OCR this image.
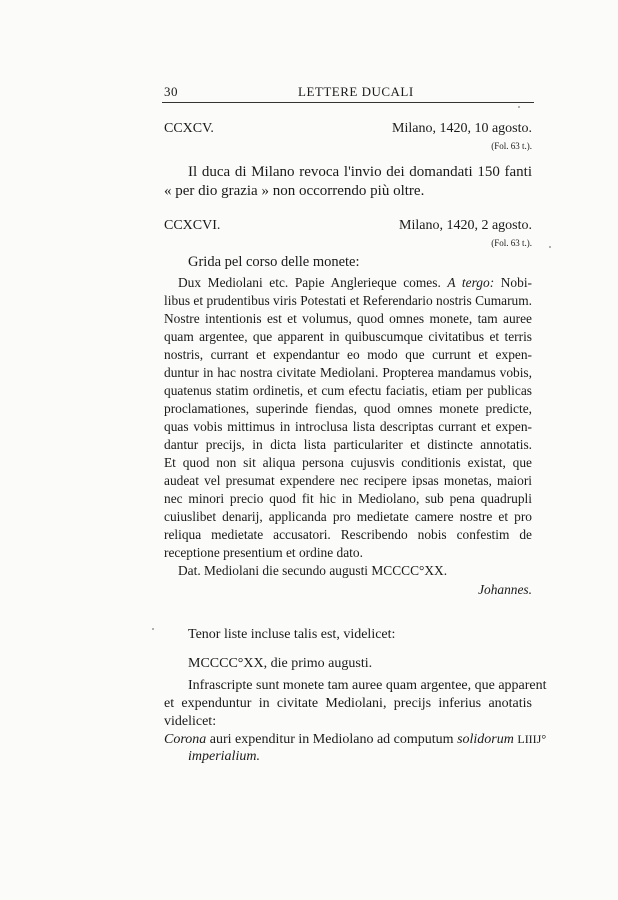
30	LETTERE DUCALI
CCXCV.	Milano, 1420, 10 agosto.
(Fol. 63 t.).
Il duca di Milano revoca l'invio dei domandati 150 fanti
« per dio grazia » non occorrendo più oltre.
CCXCVI.	Milano, 1420, 2 agosto.
(Fol. 63 t.).
Grida pel corso delle monete:
Dux Mediolani etc. Papie Anglerieque comes. A tergo: Nobi-
libus et prudentibus viris Potestati et Referendario nostris Cumarum.
Nostre intentionis est et volumus, quod omnes monete, tam auree
quam argentee, que apparent in quibuscumque civitatibus et terris
nostris, currant et expendantur eo modo que currunt et expen-
duntur in hac nostra civitate Mediolani. Propterea mandamus vobis,
quatenus statim ordinetis, et cum efectu faciatis, etiam per publicas
proclamationes, superinde fiendas, quod omnes monete predicte,
quas vobis mittimus in introclusa lista descriptas currant et expen-
dantur precijs, in dicta lista particulariter et distincte annotatis.
Et quod non sit aliqua persona cujusvis conditionis existat, que
audeat vel presumat expendere nec recipere ipsas monetas, maiori
nec minori precio quod fit hic in Mediolano, sub pena quadrupli
cuiuslibet denarij, applicanda pro medietate camere nostre et pro
reliqua medietate accusatori. Rescribendo nobis confestim de
receptione presentium et ordine dato.
Dat. Mediolani die secundo augusti MCCCC°XX.
Johannes.
Tenor liste incluse talis est, videlicet:
MCCCC°XX, die primo augusti.
Infrascripte sunt monete tam auree quam argentee, que apparent
et expenduntur in civitate Mediolani, precijs inferius anotatis
videlicet:
Corona auri expenditur in Mediolano ad computum solidorum LIIIJ°
imperialium.
